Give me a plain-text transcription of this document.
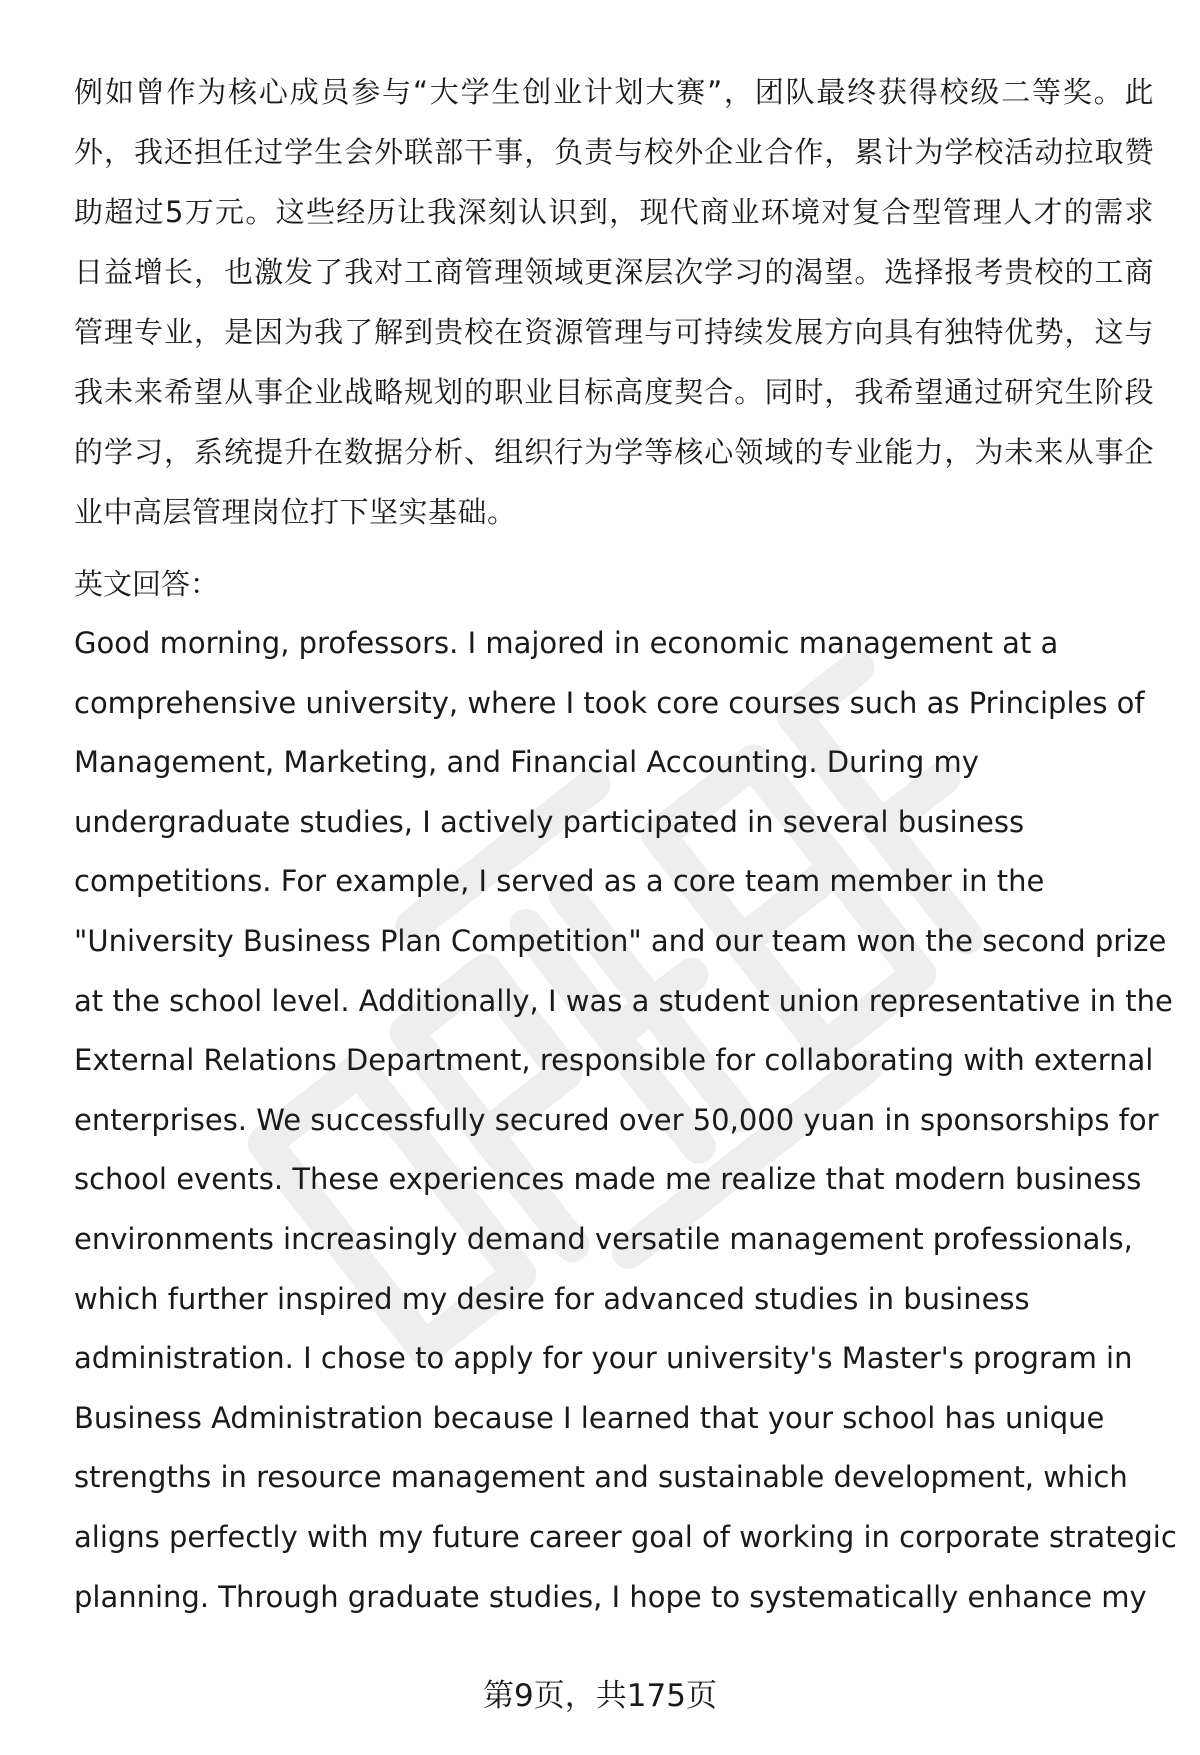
例如曾作为核心成员参与“大学生创业计划大赛”，团队最终获得校级二等奖。此外，我还担任过学生会外联部干事，负责与校外企业合作，累计为学校活动拉取赞助超过5万元。这些经历让我深刻认识到，现代商业环境对复合型管理人才的需求日益增长，也激发了我对工商管理领域更深层次学习的渴望。选择报考贵校的工商管理专业，是因为我了解到贵校在资源管理与可持续发展方向具有独特优势，这与我未来希望从事企业战略规划的职业目标高度契合。同时，我希望通过研究生阶段的学习，系统提升在数据分析、组织行为学等核心领域的专业能力，为未来从事企业中高层管理岗位打下坚实基础。

英文回答：

Good morning, professors. I majored in economic management at a
comprehensive university, where I took core courses such as Principles of
Management, Marketing, and Financial Accounting. During my
undergraduate studies, I actively participated in several business
competitions. For example, I served as a core team member in the
"University Business Plan Competition" and our team won the second prize
at the school level. Additionally, I was a student union representative in the
External Relations Department, responsible for collaborating with external
enterprises. We successfully secured over 50,000 yuan in sponsorships for
school events. These experiences made me realize that modern business
environments increasingly demand versatile management professionals,
which further inspired my desire for advanced studies in business
administration. I chose to apply for your university's Master's program in
Business Administration because I learned that your school has unique
strengths in resource management and sustainable development, which
aligns perfectly with my future career goal of working in corporate strategic
planning. Through graduate studies, I hope to systematically enhance my

第9页，共175页
